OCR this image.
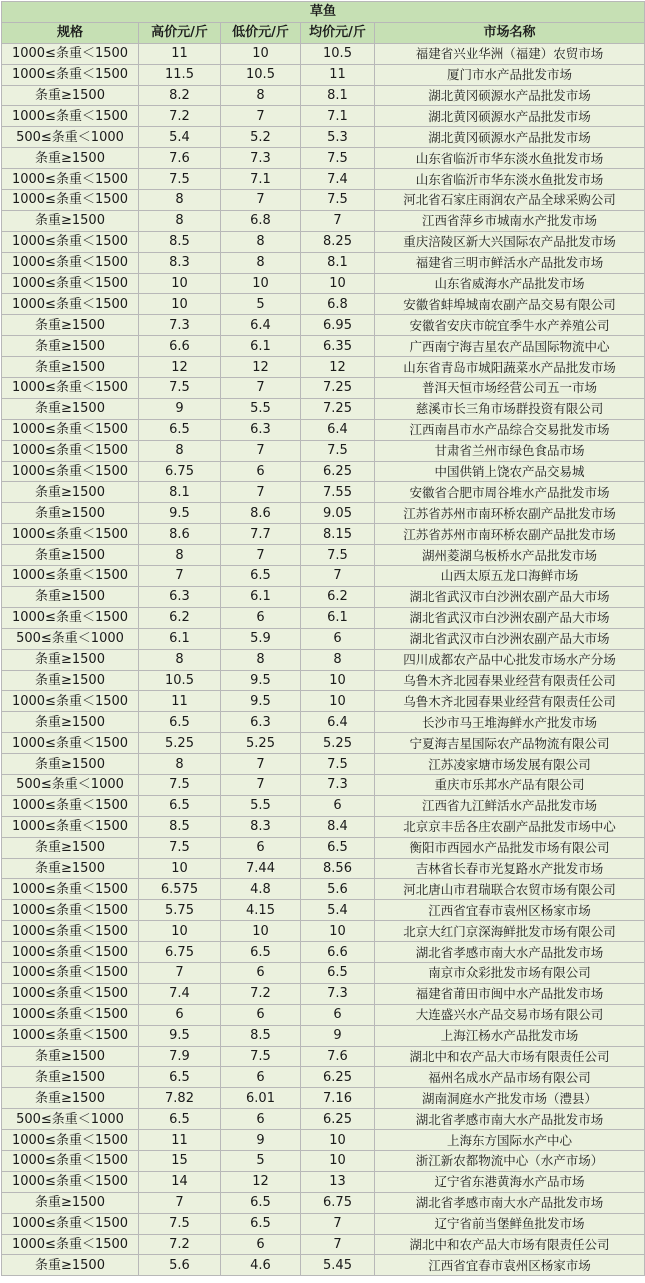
草鱼				
规格	高价元/斤	低价元/斤	均价元/斤	市场名称
1000≤条重＜1500	11	10	10.5	福建省兴业华洲（福建）农贸市场
1000≤条重＜1500	11.5	10.5	11	厦门市水产品批发市场
条重≥1500	8.2	8	8.1	湖北黄冈硕源水产品批发市场
1000≤条重＜1500	7.2	7	7.1	湖北黄冈硕源水产品批发市场
500≤条重＜1000	5.4	5.2	5.3	湖北黄冈硕源水产品批发市场
条重≥1500	7.6	7.3	7.5	山东省临沂市华东淡水鱼批发市场
1000≤条重＜1500	7.5	7.1	7.4	山东省临沂市华东淡水鱼批发市场
1000≤条重＜1500	8	7	7.5	河北省石家庄雨润农产品全球采购公司
条重≥1500	8	6.8	7	江西省萍乡市城南水产批发市场
1000≤条重＜1500	8.5	8	8.25	重庆涪陵区新大兴国际农产品批发市场
1000≤条重＜1500	8.3	8	8.1	福建省三明市鲜活水产品批发市场
1000≤条重＜1500	10	10	10	山东省威海水产品批发市场
1000≤条重＜1500	10	5	6.8	安徽省蚌埠城南农副产品交易有限公司
条重≥1500	7.3	6.4	6.95	安徽省安庆市皖宜季牛水产养殖公司
条重≥1500	6.6	6.1	6.35	广西南宁海吉星农产品国际物流中心
条重≥1500	12	12	12	山东省青岛市城阳蔬菜水产品批发市场
1000≤条重＜1500	7.5	7	7.25	普洱天恒市场经营公司五一市场
条重≥1500	9	5.5	7.25	慈溪市长三角市场群投资有限公司
1000≤条重＜1500	6.5	6.3	6.4	江西南昌市水产品综合交易批发市场
1000≤条重＜1500	8	7	7.5	甘肃省兰州市绿色食品市场
1000≤条重＜1500	6.75	6	6.25	中国供销上饶农产品交易城
条重≥1500	8.1	7	7.55	安徽省合肥市周谷堆水产品批发市场
条重≥1500	9.5	8.6	9.05	江苏省苏州市南环桥农副产品批发市场
1000≤条重＜1500	8.6	7.7	8.15	江苏省苏州市南环桥农副产品批发市场
条重≥1500	8	7	7.5	湖州菱湖乌板桥水产品批发市场
1000≤条重＜1500	7	6.5	7	山西太原五龙口海鲜市场
条重≥1500	6.3	6.1	6.2	湖北省武汉市白沙洲农副产品大市场
1000≤条重＜1500	6.2	6	6.1	湖北省武汉市白沙洲农副产品大市场
500≤条重＜1000	6.1	5.9	6	湖北省武汉市白沙洲农副产品大市场
条重≥1500	8	8	8	四川成都农产品中心批发市场水产分场
条重≥1500	10.5	9.5	10	乌鲁木齐北园春果业经营有限责任公司
1000≤条重＜1500	11	9.5	10	乌鲁木齐北园春果业经营有限责任公司
条重≥1500	6.5	6.3	6.4	长沙市马王堆海鲜水产批发市场
1000≤条重＜1500	5.25	5.25	5.25	宁夏海吉星国际农产品物流有限公司
条重≥1500	8	7	7.5	江苏凌家塘市场发展有限公司
500≤条重＜1000	7.5	7	7.3	重庆市乐邦水产品有限公司
1000≤条重＜1500	6.5	5.5	6	江西省九江鲜活水产品批发市场
1000≤条重＜1500	8.5	8.3	8.4	北京京丰岳各庄农副产品批发市场中心
条重≥1500	7.5	6	6.5	衡阳市西园水产品批发市场有限公司
条重≥1500	10	7.44	8.56	吉林省长春市光复路水产批发市场
1000≤条重＜1500	6.575	4.8	5.6	河北唐山市君瑞联合农贸市场有限公司
1000≤条重＜1500	5.75	4.15	5.4	江西省宜春市袁州区杨家市场
1000≤条重＜1500	10	10	10	北京大红门京深海鲜批发市场有限公司
1000≤条重＜1500	6.75	6.5	6.6	湖北省孝感市南大水产品批发市场
1000≤条重＜1500	7	6	6.5	南京市众彩批发市场有限公司
1000≤条重＜1500	7.4	7.2	7.3	福建省莆田市闽中水产品批发市场
1000≤条重＜1500	6	6	6	大连盛兴水产品交易市场有限公司
1000≤条重＜1500	9.5	8.5	9	上海江杨水产品批发市场
条重≥1500	7.9	7.5	7.6	湖北中和农产品大市场有限责任公司
条重≥1500	6.5	6	6.25	福州名成水产品市场有限公司
条重≥1500	7.82	6.01	7.16	湖南洞庭水产批发市场（澧县）
500≤条重＜1000	6.5	6	6.25	湖北省孝感市南大水产品批发市场
1000≤条重＜1500	11	9	10	上海东方国际水产中心
1000≤条重＜1500	15	5	10	浙江新农都物流中心（水产市场）
1000≤条重＜1500	14	12	13	辽宁省东港黄海水产品市场
条重≥1500	7	6.5	6.75	湖北省孝感市南大水产品批发市场
1000≤条重＜1500	7.5	6.5	7	辽宁省前当堡鲜鱼批发市场
1000≤条重＜1500	7.2	6	7	湖北中和农产品大市场有限责任公司
条重≥1500	5.6	4.6	5.45	江西省宜春市袁州区杨家市场
